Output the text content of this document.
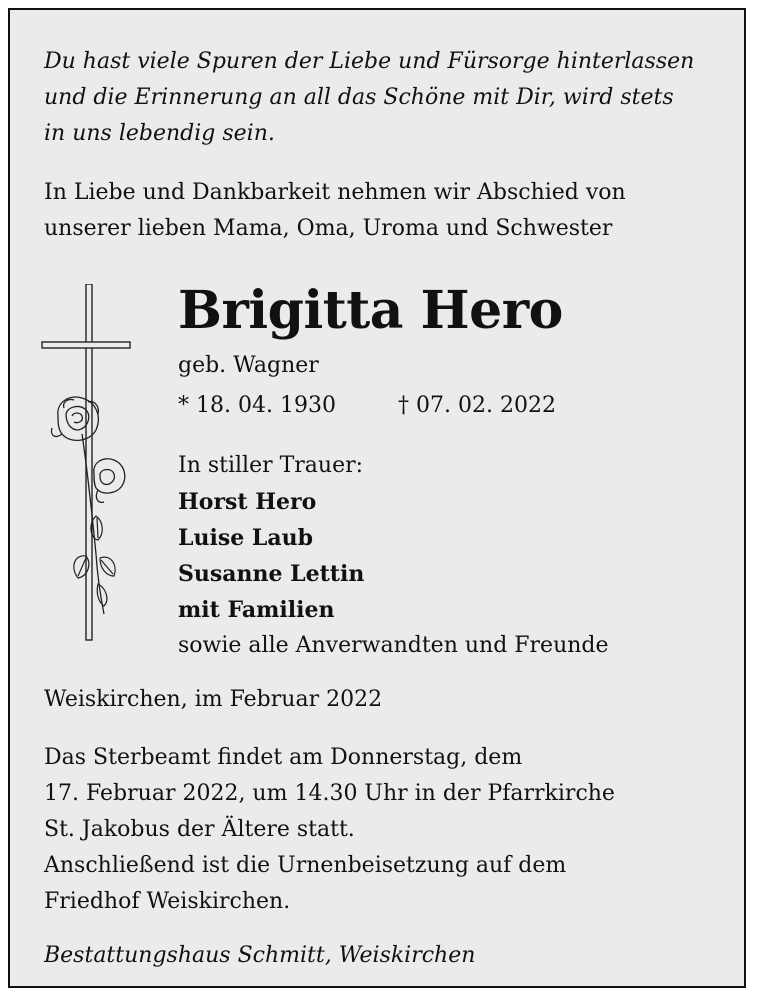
Du hast viele Spuren der Liebe und Fürsorge hinterlassen
und die Erinnerung an all das Schöne mit Dir, wird stets
in uns lebendig sein.
In Liebe und Dankbarkeit nehmen wir Abschied von
unserer lieben Mama, Oma, Uroma und Schwester
Brigitta Hero
geb. Wagner
* 18. 04. 1930	† 07. 02. 2022
In stiller Trauer:
Horst Hero
Luise Laub
Susanne Lettin
mit Familien
sowie alle Anverwandten und Freunde
Weiskirchen, im Februar 2022
Das Sterbeamt findet am Donnerstag, dem
17. Februar 2022, um 14.30 Uhr in der Pfarrkirche
St. Jakobus der Ältere statt.
Anschließend ist die Urnenbeisetzung auf dem
Friedhof Weiskirchen.
Bestattungshaus Schmitt, Weiskirchen
